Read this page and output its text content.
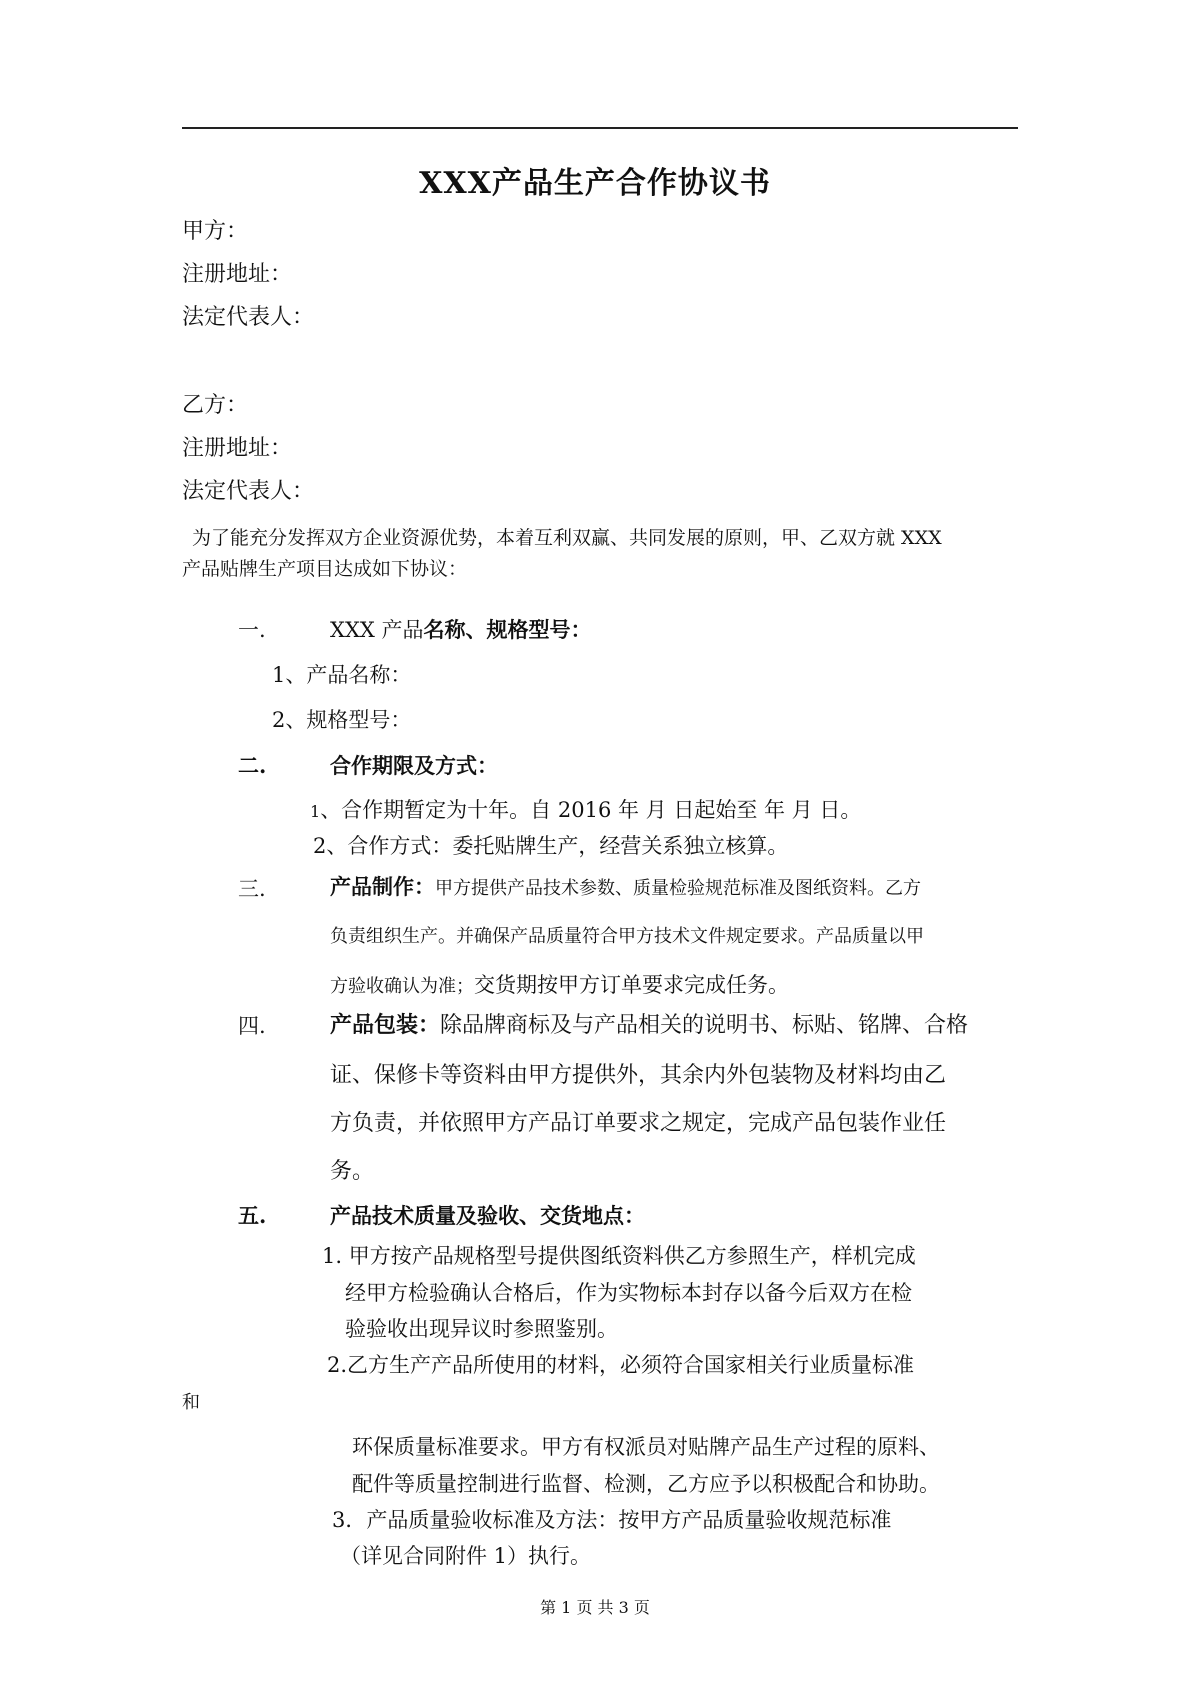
XXX产品生产合作协议书
甲方：
注册地址：
法定代表人：
乙方：
注册地址：
法定代表人：
为了能充分发挥双方企业资源优势，本着互利双赢、共同发展的原则，甲、乙双方就 XXX
产品贴牌生产项目达成如下协议：
一.	XXX 产品名称、规格型号：
1、产品名称：
2、规格型号：
二.	合作期限及方式：
1、合作期暂定为十年。自 2016 年 月 日起始至 年 月 日。
2、合作方式：委托贴牌生产，经营关系独立核算。
三.	产品制作：甲方提供产品技术参数、质量检验规范标准及图纸资料。乙方
负责组织生产。并确保产品质量符合甲方技术文件规定要求。产品质量以甲
方验收确认为准；交货期按甲方订单要求完成任务。
四.	产品包装：除品牌商标及与产品相关的说明书、标贴、铭牌、合格
证、保修卡等资料由甲方提供外，其余内外包装物及材料均由乙
方负责，并依照甲方产品订单要求之规定，完成产品包装作业任
务。
五.	产品技术质量及验收、交货地点：
1. 甲方按产品规格型号提供图纸资料供乙方参照生产，样机完成
经甲方检验确认合格后，作为实物标本封存以备今后双方在检
验验收出现异议时参照鉴别。
2.乙方生产产品所使用的材料，必须符合国家相关行业质量标准
和
环保质量标准要求。甲方有权派员对贴牌产品生产过程的原料、
配件等质量控制进行监督、检测，乙方应予以积极配合和协助。
3．产品质量验收标准及方法：按甲方产品质量验收规范标准
（详见合同附件 1）执行。
第 1 页 共 3 页
